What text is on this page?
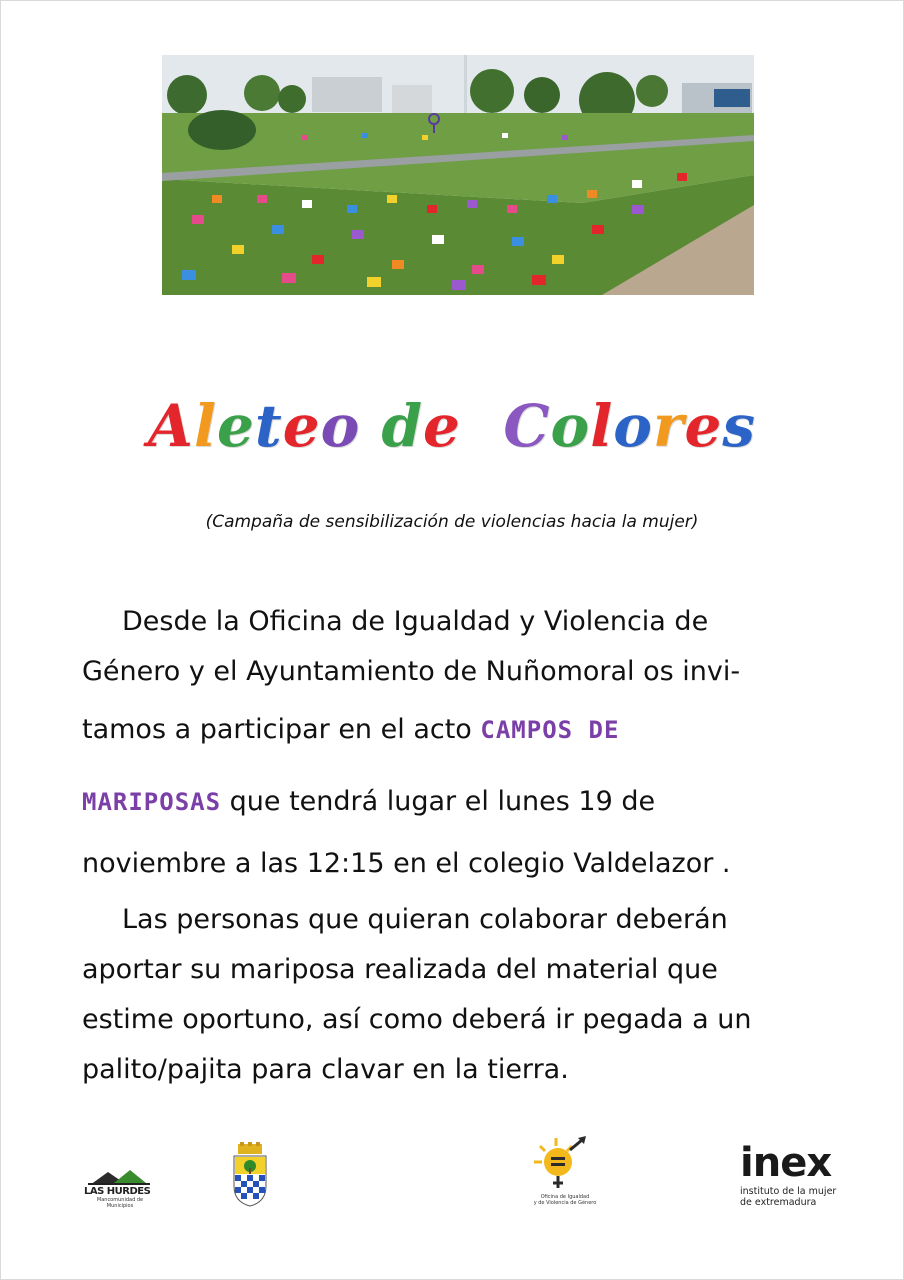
Aleteo de Colores
(Campaña de sensibilización de violencias hacia la mujer)
Desde la Oficina de Igualdad y Violencia de
Género y el Ayuntamiento de Nuñomoral os invi-
tamos a participar en el acto CAMPOS DE
MARIPOSAS que tendrá lugar el lunes 19 de
noviembre a las 12:15 en el colegio Valdelazor .
Las personas que quieran colaborar deberán
aportar su mariposa realizada del material que
estime oportuno, así como deberá ir pegada a un
palito/pajita para clavar en la tierra.
LAS HURDES
Mancomunidad de Municipios
Oficina de Igualdad
y de Violencia de Género
inex
instituto de la mujer
de extremadura
